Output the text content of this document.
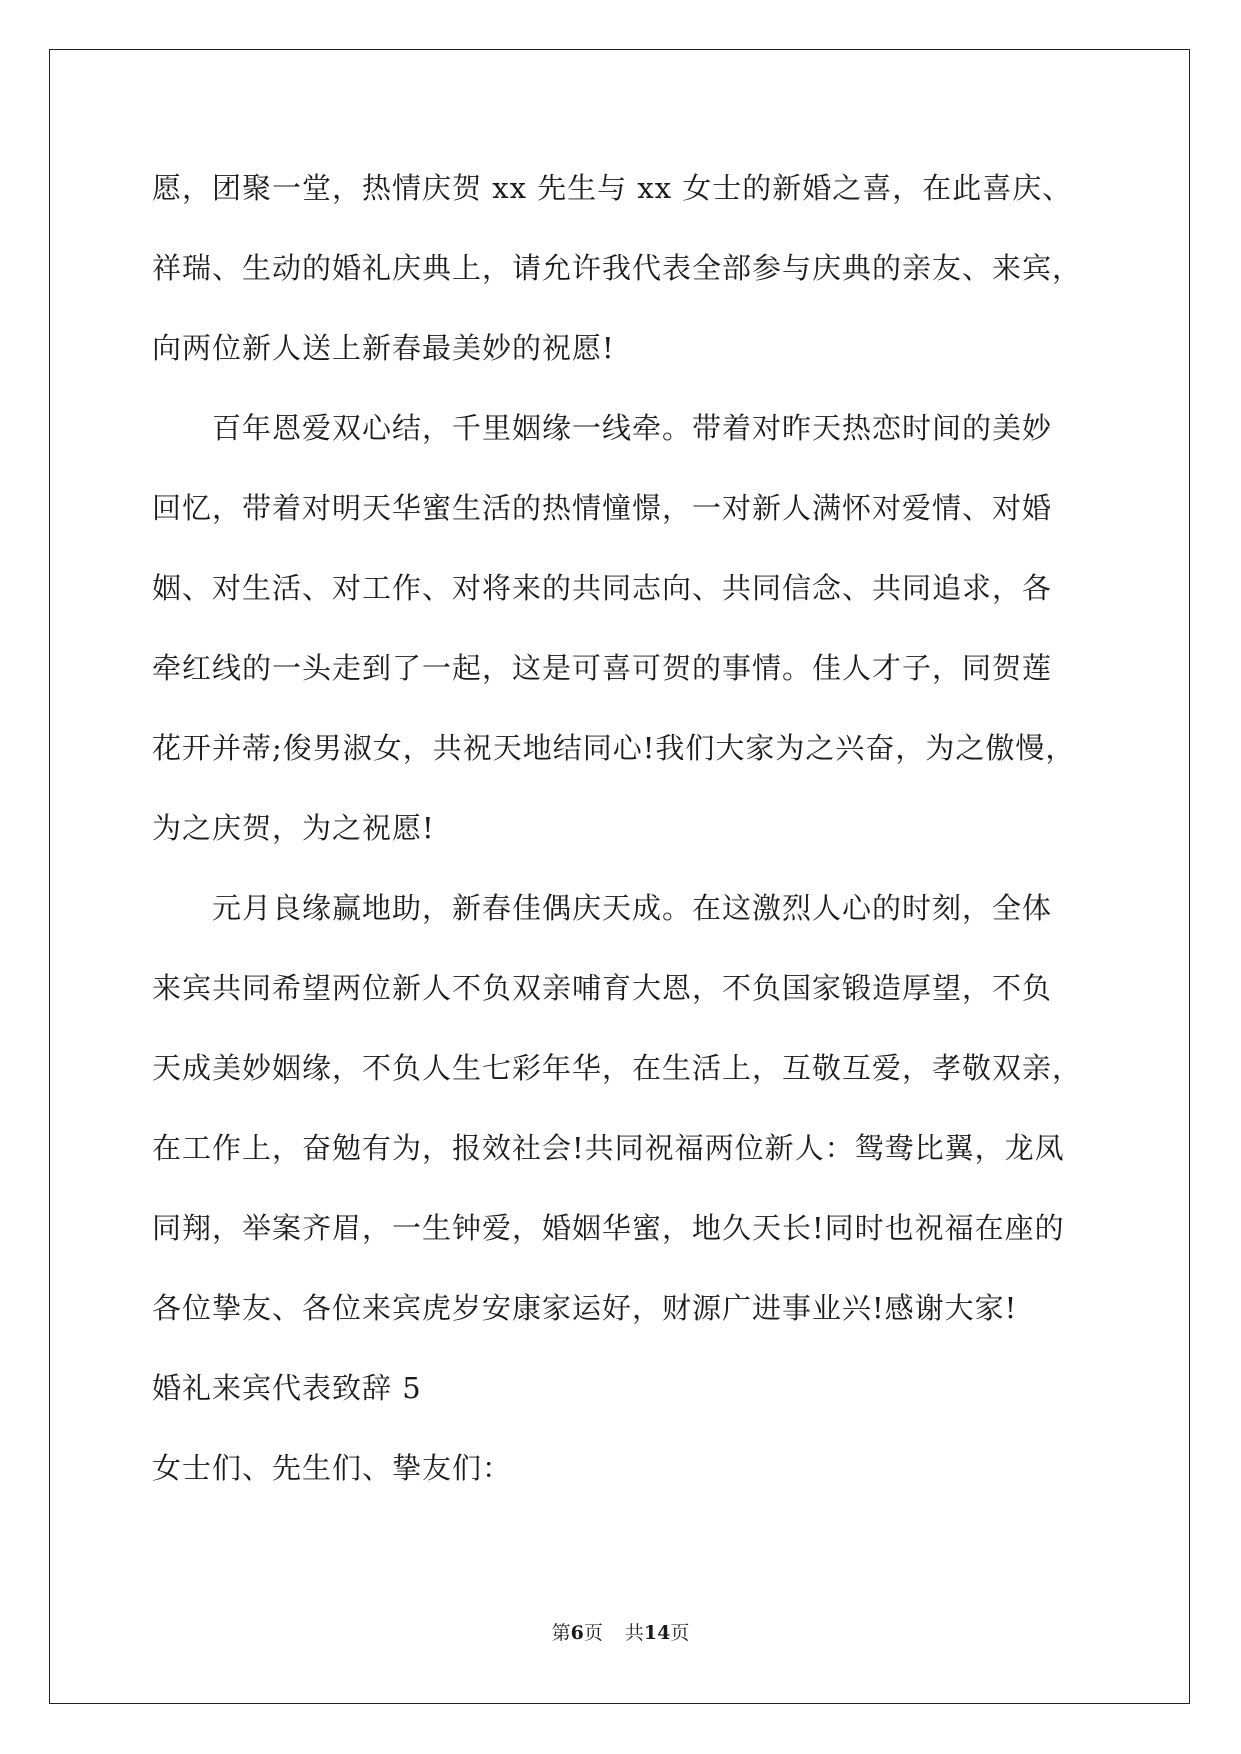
愿，团聚一堂，热情庆贺 xx 先生与 xx 女士的新婚之喜，在此喜庆、
祥瑞、生动的婚礼庆典上，请允许我代表全部参与庆典的亲友、来宾，
向两位新人送上新春最美妙的祝愿!
百年恩爱双心结，千里姻缘一线牵。带着对昨天热恋时间的美妙
回忆，带着对明天华蜜生活的热情憧憬，一对新人满怀对爱情、对婚
姻、对生活、对工作、对将来的共同志向、共同信念、共同追求，各
牵红线的一头走到了一起，这是可喜可贺的事情。佳人才子，同贺莲
花开并蒂;俊男淑女，共祝天地结同心!我们大家为之兴奋，为之傲慢，
为之庆贺，为之祝愿!
元月良缘赢地助，新春佳偶庆天成。在这激烈人心的时刻，全体
来宾共同希望两位新人不负双亲哺育大恩，不负国家锻造厚望，不负
天成美妙姻缘，不负人生七彩年华，在生活上，互敬互爱，孝敬双亲，
在工作上，奋勉有为，报效社会!共同祝福两位新人：鸳鸯比翼，龙凤
同翔，举案齐眉，一生钟爱，婚姻华蜜，地久天长!同时也祝福在座的
各位挚友、各位来宾虎岁安康家运好，财源广进事业兴!感谢大家!
婚礼来宾代表致辞 5
女士们、先生们、挚友们：
第6页 共14页
